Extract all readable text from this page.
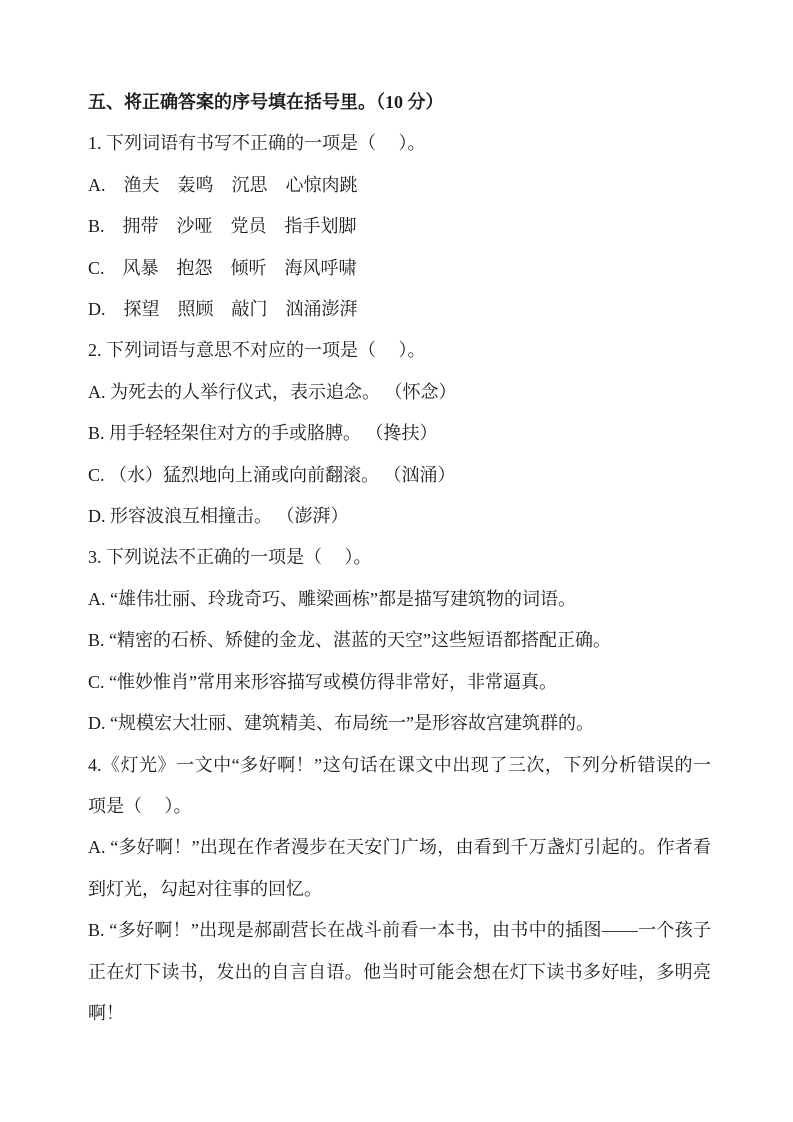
五、将正确答案的序号填在括号里。（10 分）

1. 下列词语有书写不正确的一项是（　 ）。

A.　渔夫　轰鸣　沉思　心惊肉跳

B.　拥带　沙哑　党员　指手划脚

C.　风暴　抱怨　倾听　海风呼啸

D.　探望　照顾　敲门　汹涌澎湃

2. 下列词语与意思不对应的一项是（　 ）。

A. 为死去的人举行仪式，表示追念。 （怀念）

B. 用手轻轻架住对方的手或胳膊。 （搀扶）

C. （水）猛烈地向上涌或向前翻滚。 （汹涌）

D. 形容波浪互相撞击。 （澎湃）

3. 下列说法不正确的一项是（　 ）。

A. “雄伟壮丽、玲珑奇巧、雕梁画栋”都是描写建筑物的词语。

B. “精密的石桥、矫健的金龙、湛蓝的天空”这些短语都搭配正确。

C. “惟妙惟肖”常用来形容描写或模仿得非常好，非常逼真。

D. “规模宏大壮丽、建筑精美、布局统一”是形容故宫建筑群的。

4.《灯光》一文中“多好啊！”这句话在课文中出现了三次，下列分析错误的一项是（　 ）。

A. “多好啊！”出现在作者漫步在天安门广场，由看到千万盏灯引起的。作者看到灯光，勾起对往事的回忆。

B. “多好啊！”出现是郝副营长在战斗前看一本书，由书中的插图——一个孩子正在灯下读书，发出的自言自语。他当时可能会想在灯下读书多好哇，多明亮啊！
